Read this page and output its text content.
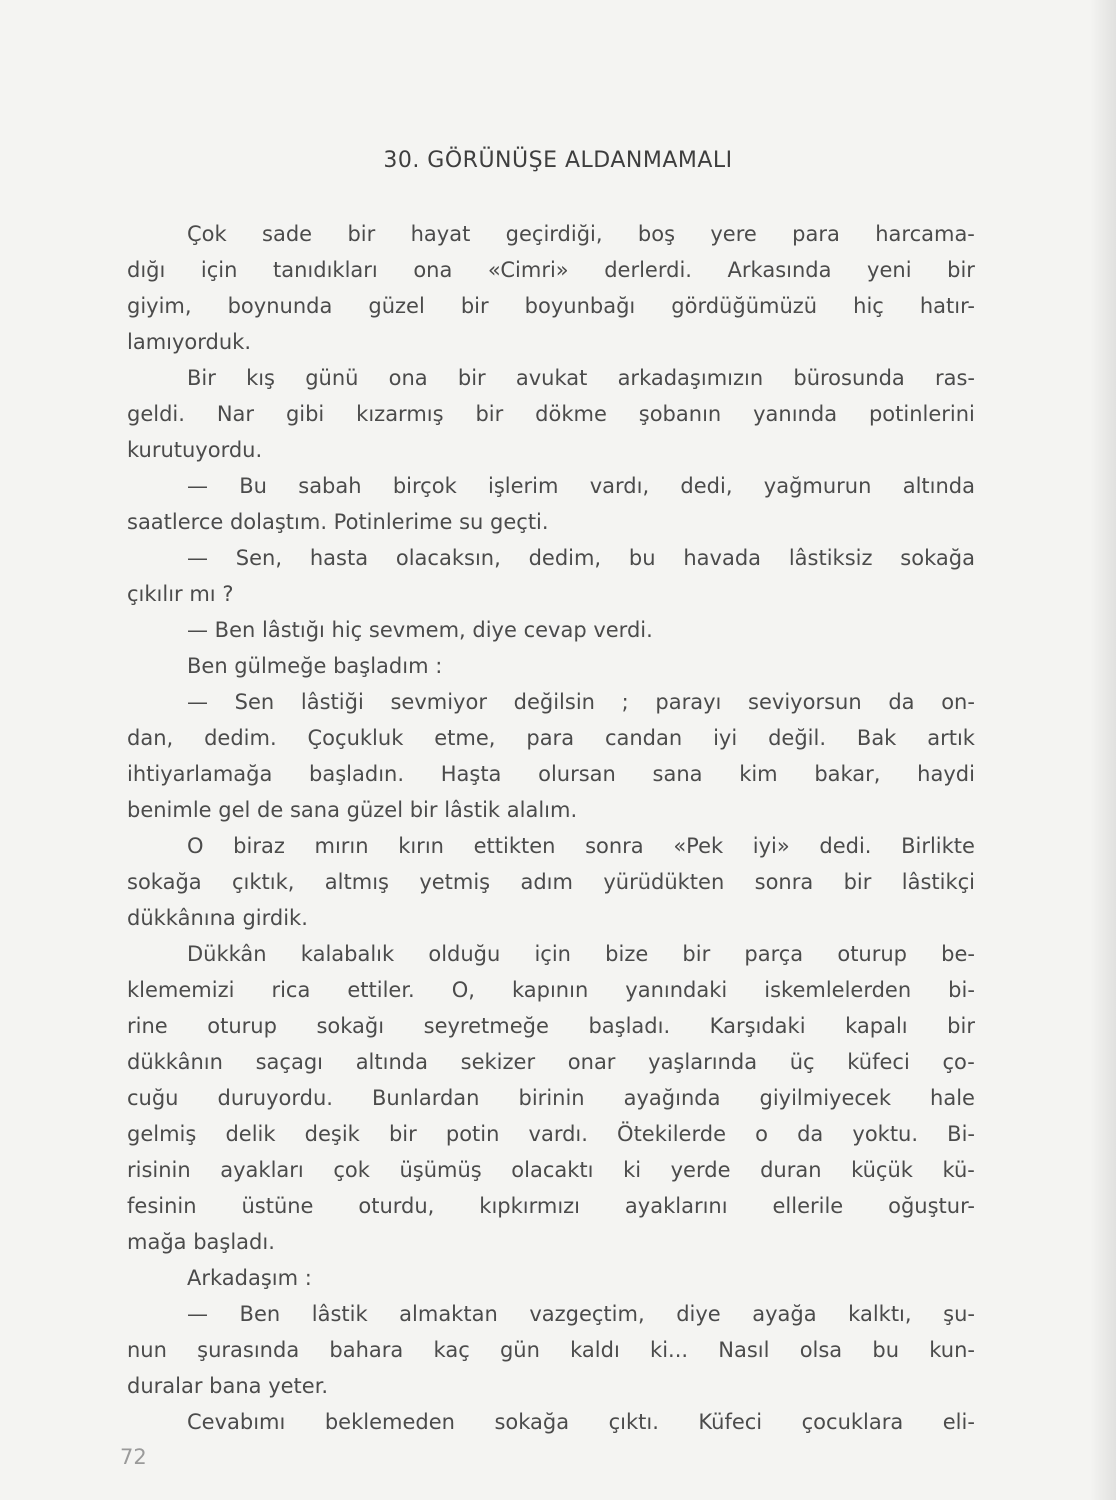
30. GÖRÜNÜŞE ALDANMAMALI
Çok sade bir hayat geçirdiği, boş yere para harcama-
dığı için tanıdıkları ona «Cimri» derlerdi. Arkasında yeni bir
giyim, boynunda güzel bir boyunbağı gördüğümüzü hiç hatır-
lamıyorduk.
Bir kış günü ona bir avukat arkadaşımızın bürosunda ras-
geldi. Nar gibi kızarmış bir dökme şobanın yanında potinlerini
kurutuyordu.
— Bu sabah birçok işlerim vardı, dedi, yağmurun altında
saatlerce dolaştım. Potinlerime su geçti.
— Sen, hasta olacaksın, dedim, bu havada lâstiksiz sokağa
çıkılır mı ?
— Ben lâstığı hiç sevmem, diye cevap verdi.
Ben gülmeğe başladım :
— Sen lâstiği sevmiyor değilsin ; parayı seviyorsun da on-
dan, dedim. Çoçukluk etme, para candan iyi değil. Bak artık
ihtiyarlamağa başladın. Haşta olursan sana kim bakar, haydi
benimle gel de sana güzel bir lâstik alalım.
O biraz mırın kırın ettikten sonra «Pek iyi» dedi. Birlikte
sokağa çıktık, altmış yetmiş adım yürüdükten sonra bir lâstikçi
dükkânına girdik.
Dükkân kalabalık olduğu için bize bir parça oturup be-
klememizi rica ettiler. O, kapının yanındaki iskemlelerden bi-
rine oturup sokağı seyretmeğe başladı. Karşıdaki kapalı bir
dükkânın saçagı altında sekizer onar yaşlarında üç küfeci ço-
cuğu duruyordu. Bunlardan birinin ayağında giyilmiyecek hale
gelmiş delik deşik bir potin vardı. Ötekilerde o da yoktu. Bi-
risinin ayakları çok üşümüş olacaktı ki yerde duran küçük kü-
fesinin üstüne oturdu, kıpkırmızı ayaklarını ellerile oğuştur-
mağa başladı.
Arkadaşım :
— Ben lâstik almaktan vazgeçtim, diye ayağa kalktı, şu-
nun şurasında bahara kaç gün kaldı ki... Nasıl olsa bu kun-
duralar bana yeter.
Cevabımı beklemeden sokağa çıktı. Küfeci çocuklara eli-
72
